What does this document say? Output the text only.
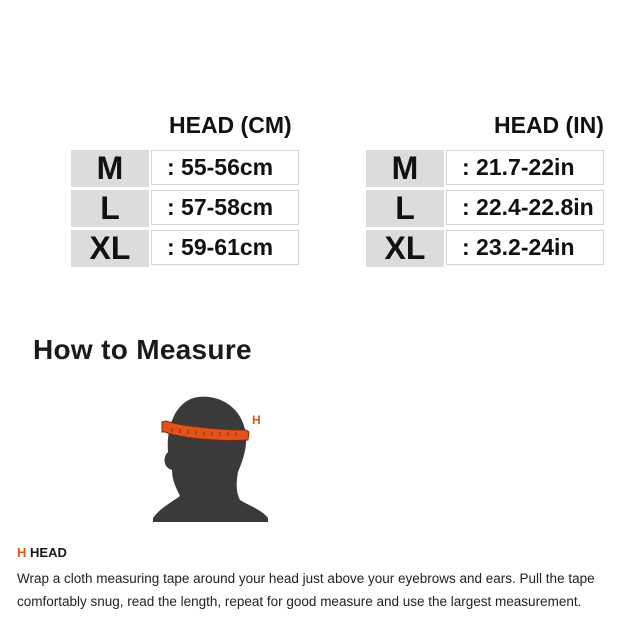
HEAD (CM)
M	: 55-56cm
L	: 57-58cm
XL	: 59-61cm
HEAD (IN)
M	: 21.7-22in
L	: 22.4-22.8in
XL	: 23.2-24in
How to Measure
H
H HEAD
Wrap a cloth measuring tape around your head just above your eyebrows and ears. Pull the tape comfortably snug, read the length, repeat for good measure and use the largest measurement.
